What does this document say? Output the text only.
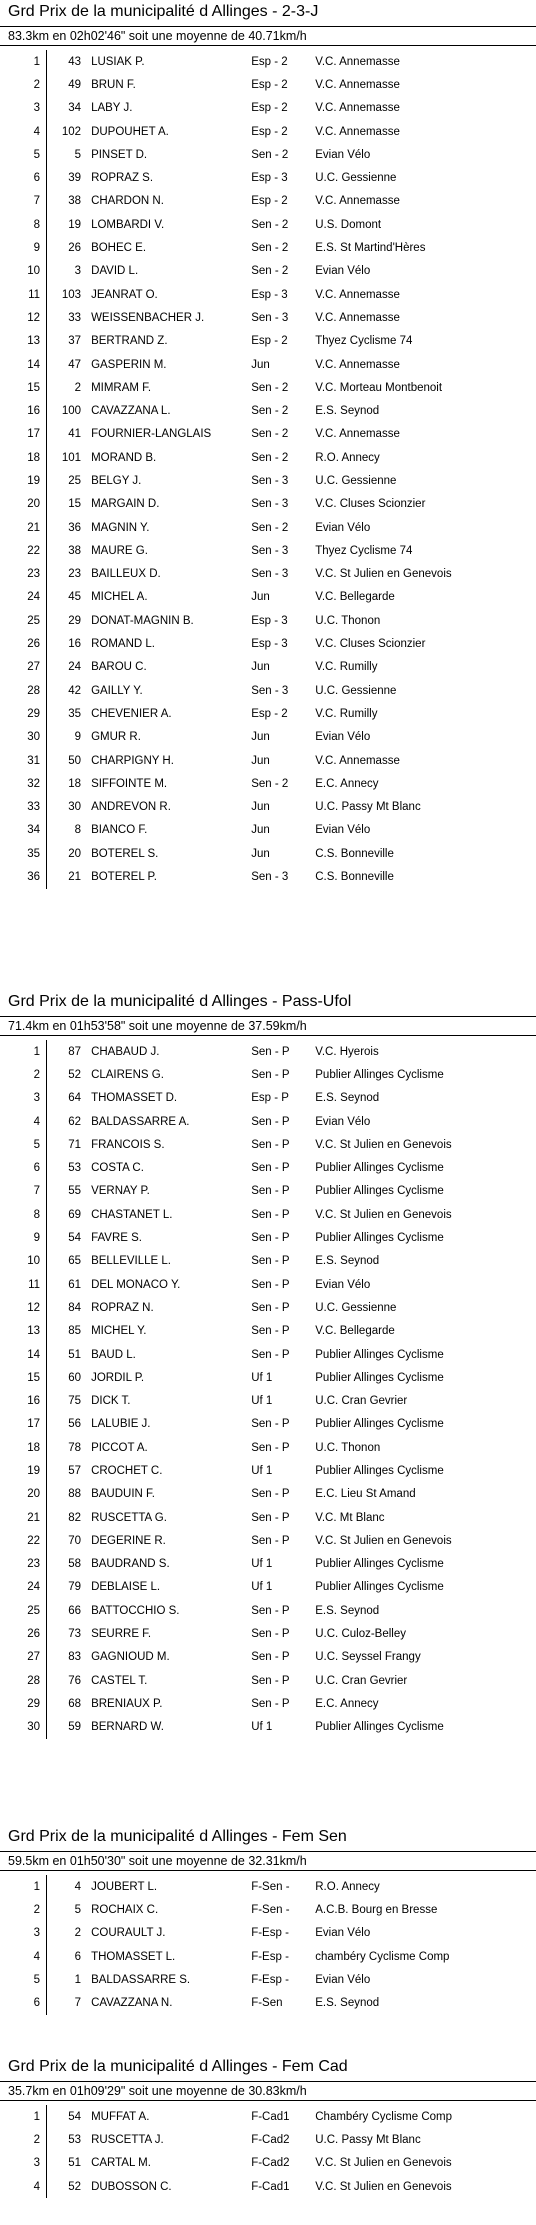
Grd Prix de la municipalité d Allinges - 2-3-J
83.3km en 02h02'46" soit une moyenne de 40.71km/h
1	43	LUSIAK P.	Esp - 2	V.C. Annemasse
2	49	BRUN F.	Esp - 2	V.C. Annemasse
3	34	LABY J.	Esp - 2	V.C. Annemasse
4	102	DUPOUHET A.	Esp - 2	V.C. Annemasse
5	5	PINSET D.	Sen - 2	Evian Vélo
6	39	ROPRAZ S.	Esp - 3	U.C. Gessienne
7	38	CHARDON N.	Esp - 2	V.C. Annemasse
8	19	LOMBARDI V.	Sen - 2	U.S. Domont
9	26	BOHEC E.	Sen - 2	E.S. St Martind'Hères
10	3	DAVID L.	Sen - 2	Evian Vélo
11	103	JEANRAT O.	Esp - 3	V.C. Annemasse
12	33	WEISSENBACHER J.	Sen - 3	V.C. Annemasse
13	37	BERTRAND Z.	Esp - 2	Thyez Cyclisme 74
14	47	GASPERIN M.	Jun	V.C. Annemasse
15	2	MIMRAM F.	Sen - 2	V.C. Morteau Montbenoit
16	100	CAVAZZANA L.	Sen - 2	E.S. Seynod
17	41	FOURNIER-LANGLAIS	Sen - 2	V.C. Annemasse
18	101	MORAND B.	Sen - 2	R.O. Annecy
19	25	BELGY J.	Sen - 3	U.C. Gessienne
20	15	MARGAIN D.	Sen - 3	V.C. Cluses Scionzier
21	36	MAGNIN Y.	Sen - 2	Evian Vélo
22	38	MAURE G.	Sen - 3	Thyez Cyclisme 74
23	23	BAILLEUX D.	Sen - 3	V.C. St Julien en Genevois
24	45	MICHEL A.	Jun	V.C. Bellegarde
25	29	DONAT-MAGNIN B.	Esp - 3	U.C. Thonon
26	16	ROMAND L.	Esp - 3	V.C. Cluses Scionzier
27	24	BAROU C.	Jun	V.C. Rumilly
28	42	GAILLY Y.	Sen - 3	U.C. Gessienne
29	35	CHEVENIER A.	Esp - 2	V.C. Rumilly
30	9	GMUR R.	Jun	Evian Vélo
31	50	CHARPIGNY H.	Jun	V.C. Annemasse
32	18	SIFFOINTE M.	Sen - 2	E.C. Annecy
33	30	ANDREVON R.	Jun	U.C. Passy Mt Blanc
34	8	BIANCO F.	Jun	Evian Vélo
35	20	BOTEREL S.	Jun	C.S. Bonneville
36	21	BOTEREL P.	Sen - 3	C.S. Bonneville
Grd Prix de la municipalité d Allinges - Pass-Ufol
71.4km en 01h53'58" soit une moyenne de 37.59km/h
1	87	CHABAUD J.	Sen - P	V.C. Hyerois
2	52	CLAIRENS G.	Sen - P	Publier Allinges Cyclisme
3	64	THOMASSET D.	Esp - P	E.S. Seynod
4	62	BALDASSARRE A.	Sen - P	Evian Vélo
5	71	FRANCOIS S.	Sen - P	V.C. St Julien en Genevois
6	53	COSTA C.	Sen - P	Publier Allinges Cyclisme
7	55	VERNAY P.	Sen - P	Publier Allinges Cyclisme
8	69	CHASTANET L.	Sen - P	V.C. St Julien en Genevois
9	54	FAVRE S.	Sen - P	Publier Allinges Cyclisme
10	65	BELLEVILLE L.	Sen - P	E.S. Seynod
11	61	DEL MONACO Y.	Sen - P	Evian Vélo
12	84	ROPRAZ N.	Sen - P	U.C. Gessienne
13	85	MICHEL Y.	Sen - P	V.C. Bellegarde
14	51	BAUD L.	Sen - P	Publier Allinges Cyclisme
15	60	JORDIL P.	Uf 1	Publier Allinges Cyclisme
16	75	DICK T.	Uf 1	U.C. Cran Gevrier
17	56	LALUBIE J.	Sen - P	Publier Allinges Cyclisme
18	78	PICCOT A.	Sen - P	U.C. Thonon
19	57	CROCHET C.	Uf 1	Publier Allinges Cyclisme
20	88	BAUDUIN F.	Sen - P	E.C. Lieu St Amand
21	82	RUSCETTA G.	Sen - P	V.C. Mt Blanc
22	70	DEGERINE R.	Sen - P	V.C. St Julien en Genevois
23	58	BAUDRAND S.	Uf 1	Publier Allinges Cyclisme
24	79	DEBLAISE L.	Uf 1	Publier Allinges Cyclisme
25	66	BATTOCCHIO S.	Sen - P	E.S. Seynod
26	73	SEURRE F.	Sen - P	U.C. Culoz-Belley
27	83	GAGNIOUD M.	Sen - P	U.C. Seyssel Frangy
28	76	CASTEL T.	Sen - P	U.C. Cran Gevrier
29	68	BRENIAUX P.	Sen - P	E.C. Annecy
30	59	BERNARD W.	Uf 1	Publier Allinges Cyclisme
Grd Prix de la municipalité d Allinges - Fem Sen
59.5km en 01h50'30" soit une moyenne de 32.31km/h
1	4	JOUBERT L.	F-Sen -	R.O. Annecy
2	5	ROCHAIX C.	F-Sen -	A.C.B. Bourg en Bresse
3	2	COURAULT J.	F-Esp -	Evian Vélo
4	6	THOMASSET L.	F-Esp -	chambéry Cyclisme Comp
5	1	BALDASSARRE S.	F-Esp -	Evian Vélo
6	7	CAVAZZANA N.	F-Sen	E.S. Seynod
Grd Prix de la municipalité d Allinges - Fem Cad
35.7km en 01h09'29" soit une moyenne de 30.83km/h
1	54	MUFFAT A.	F-Cad1	Chambéry Cyclisme Comp
2	53	RUSCETTA J.	F-Cad2	U.C. Passy Mt Blanc
3	51	CARTAL M.	F-Cad2	V.C. St Julien en Genevois
4	52	DUBOSSON C.	F-Cad1	V.C. St Julien en Genevois
